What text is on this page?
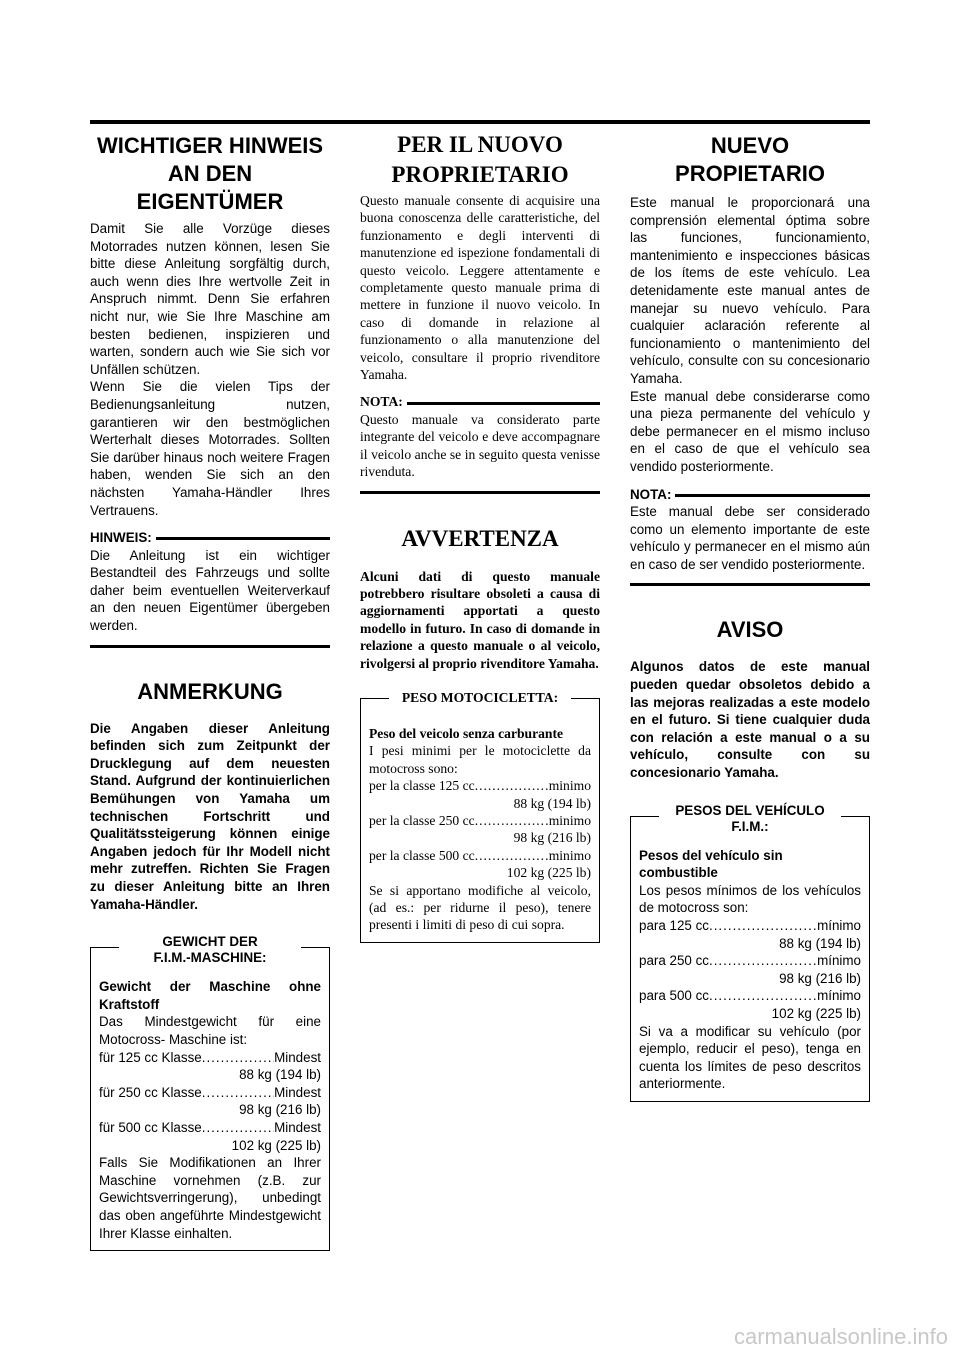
WICHTIGER HINWEIS
AN DEN
EIGENTÜMER

Damit Sie alle Vorzüge dieses Motorrades nutzen können, lesen Sie bitte diese Anleitung sorgfältig durch, auch wenn dies Ihre wertvolle Zeit in Anspruch nimmt. Denn Sie erfahren nicht nur, wie Sie Ihre Maschine am besten bedienen, inspizieren und warten, sondern auch wie Sie sich vor Unfällen schützen.

Wenn Sie die vielen Tips der Bedienungsanleitung nutzen, garantieren wir den bestmöglichen Werterhalt dieses Motorrades. Sollten Sie darüber hinaus noch weitere Fragen haben, wenden Sie sich an den nächsten Yamaha-Händler Ihres Vertrauens.

HINWEIS:

Die Anleitung ist ein wichtiger Bestandteil des Fahrzeugs und sollte daher beim eventuellen Weiterverkauf an den neuen Eigentümer übergeben werden.

ANMERKUNG

Die Angaben dieser Anleitung befinden sich zum Zeitpunkt der Drucklegung auf dem neuesten Stand. Aufgrund der kontinuierlichen Bemühungen von Yamaha um technischen Fortschritt und Qualitätssteigerung können einige Angaben jedoch für Ihr Modell nicht mehr zutreffen. Richten Sie Fragen zu dieser Anleitung bitte an Ihren Yamaha-Händler.

GEWICHT DER
F.I.M.-MASCHINE:

Gewicht der Maschine ohne Kraftstoff

Das Mindestgewicht für eine Motocross- Maschine ist:

für 125 cc Klasse .....	Mindest
88 kg (194 lb)
für 250 cc Klasse .....	Mindest
98 kg (216 lb)
für 500 cc Klasse .....	Mindest
102 kg (225 lb)

Falls Sie Modifikationen an Ihrer Maschine vornehmen (z.B. zur Gewichtsverringerung), unbedingt das oben angeführte Mindestgewicht Ihrer Klasse einhalten.

PER IL NUOVO
PROPRIETARIO

Questo manuale consente di acquisire una buona conoscenza delle caratteristiche, del funzionamento e degli interventi di manutenzione ed ispezione fondamentali di questo veicolo. Leggere attentamente e completamente questo manuale prima di mettere in funzione il nuovo veicolo. In caso di domande in relazione al funzionamento o alla manutenzione del veicolo, consultare il proprio rivenditore Yamaha.

NOTA:

Questo manuale va considerato parte integrante del veicolo e deve accompagnare il veicolo anche se in seguito questa venisse rivenduta.

AVVERTENZA

Alcuni dati di questo manuale potrebbero risultare obsoleti a causa di aggiornamenti apportati a questo modello in futuro. In caso di domande in relazione a questo manuale o al veicolo, rivolgersi al proprio rivenditore Yamaha.

PESO MOTOCICLETTA:

Peso del veicolo senza carburante

I pesi minimi per le motociclette da motocross sono:

per la classe 125 cc .....	minimo
88 kg (194 lb)
per la classe 250 cc .....	minimo
98 kg (216 lb)
per la classe 500 cc .....	minimo
102 kg (225 lb)

Se si apportano modifiche al veicolo, (ad es.: per ridurne il peso), tenere presenti i limiti di peso di cui sopra.

NUEVO
PROPIETARIO

Este manual le proporcionará una comprensión elemental óptima sobre las funciones, funcionamiento, mantenimiento e inspecciones básicas de los ítems de este vehículo. Lea detenidamente este manual antes de manejar su nuevo vehículo. Para cualquier aclaración referente al funcionamiento o mantenimiento del vehículo, consulte con su concesionario Yamaha.

Este manual debe considerarse como una pieza permanente del vehículo y debe permanecer en el mismo incluso en el caso de que el vehículo sea vendido posteriormente.

NOTA:

Este manual debe ser considerado como un elemento importante de este vehículo y permanecer en el mismo aún en caso de ser vendido posteriormente.

AVISO

Algunos datos de este manual pueden quedar obsoletos debido a las mejoras realizadas a este modelo en el futuro. Si tiene cualquier duda con relación a este manual o a su vehículo, consulte con su concesionario Yamaha.

PESOS DEL VEHÍCULO
F.I.M.:

Pesos del vehículo sin combustible

Los pesos mínimos de los vehículos de motocross son:

para 125 cc .....	mínimo
88 kg (194 lb)
para 250 cc .....	mínimo
98 kg (216 lb)
para 500 cc .....	mínimo
102 kg (225 lb)

Si va a modificar su vehículo (por ejemplo, reducir el peso), tenga en cuenta los límites de peso descritos anteriormente.

carmanualsonline.info
